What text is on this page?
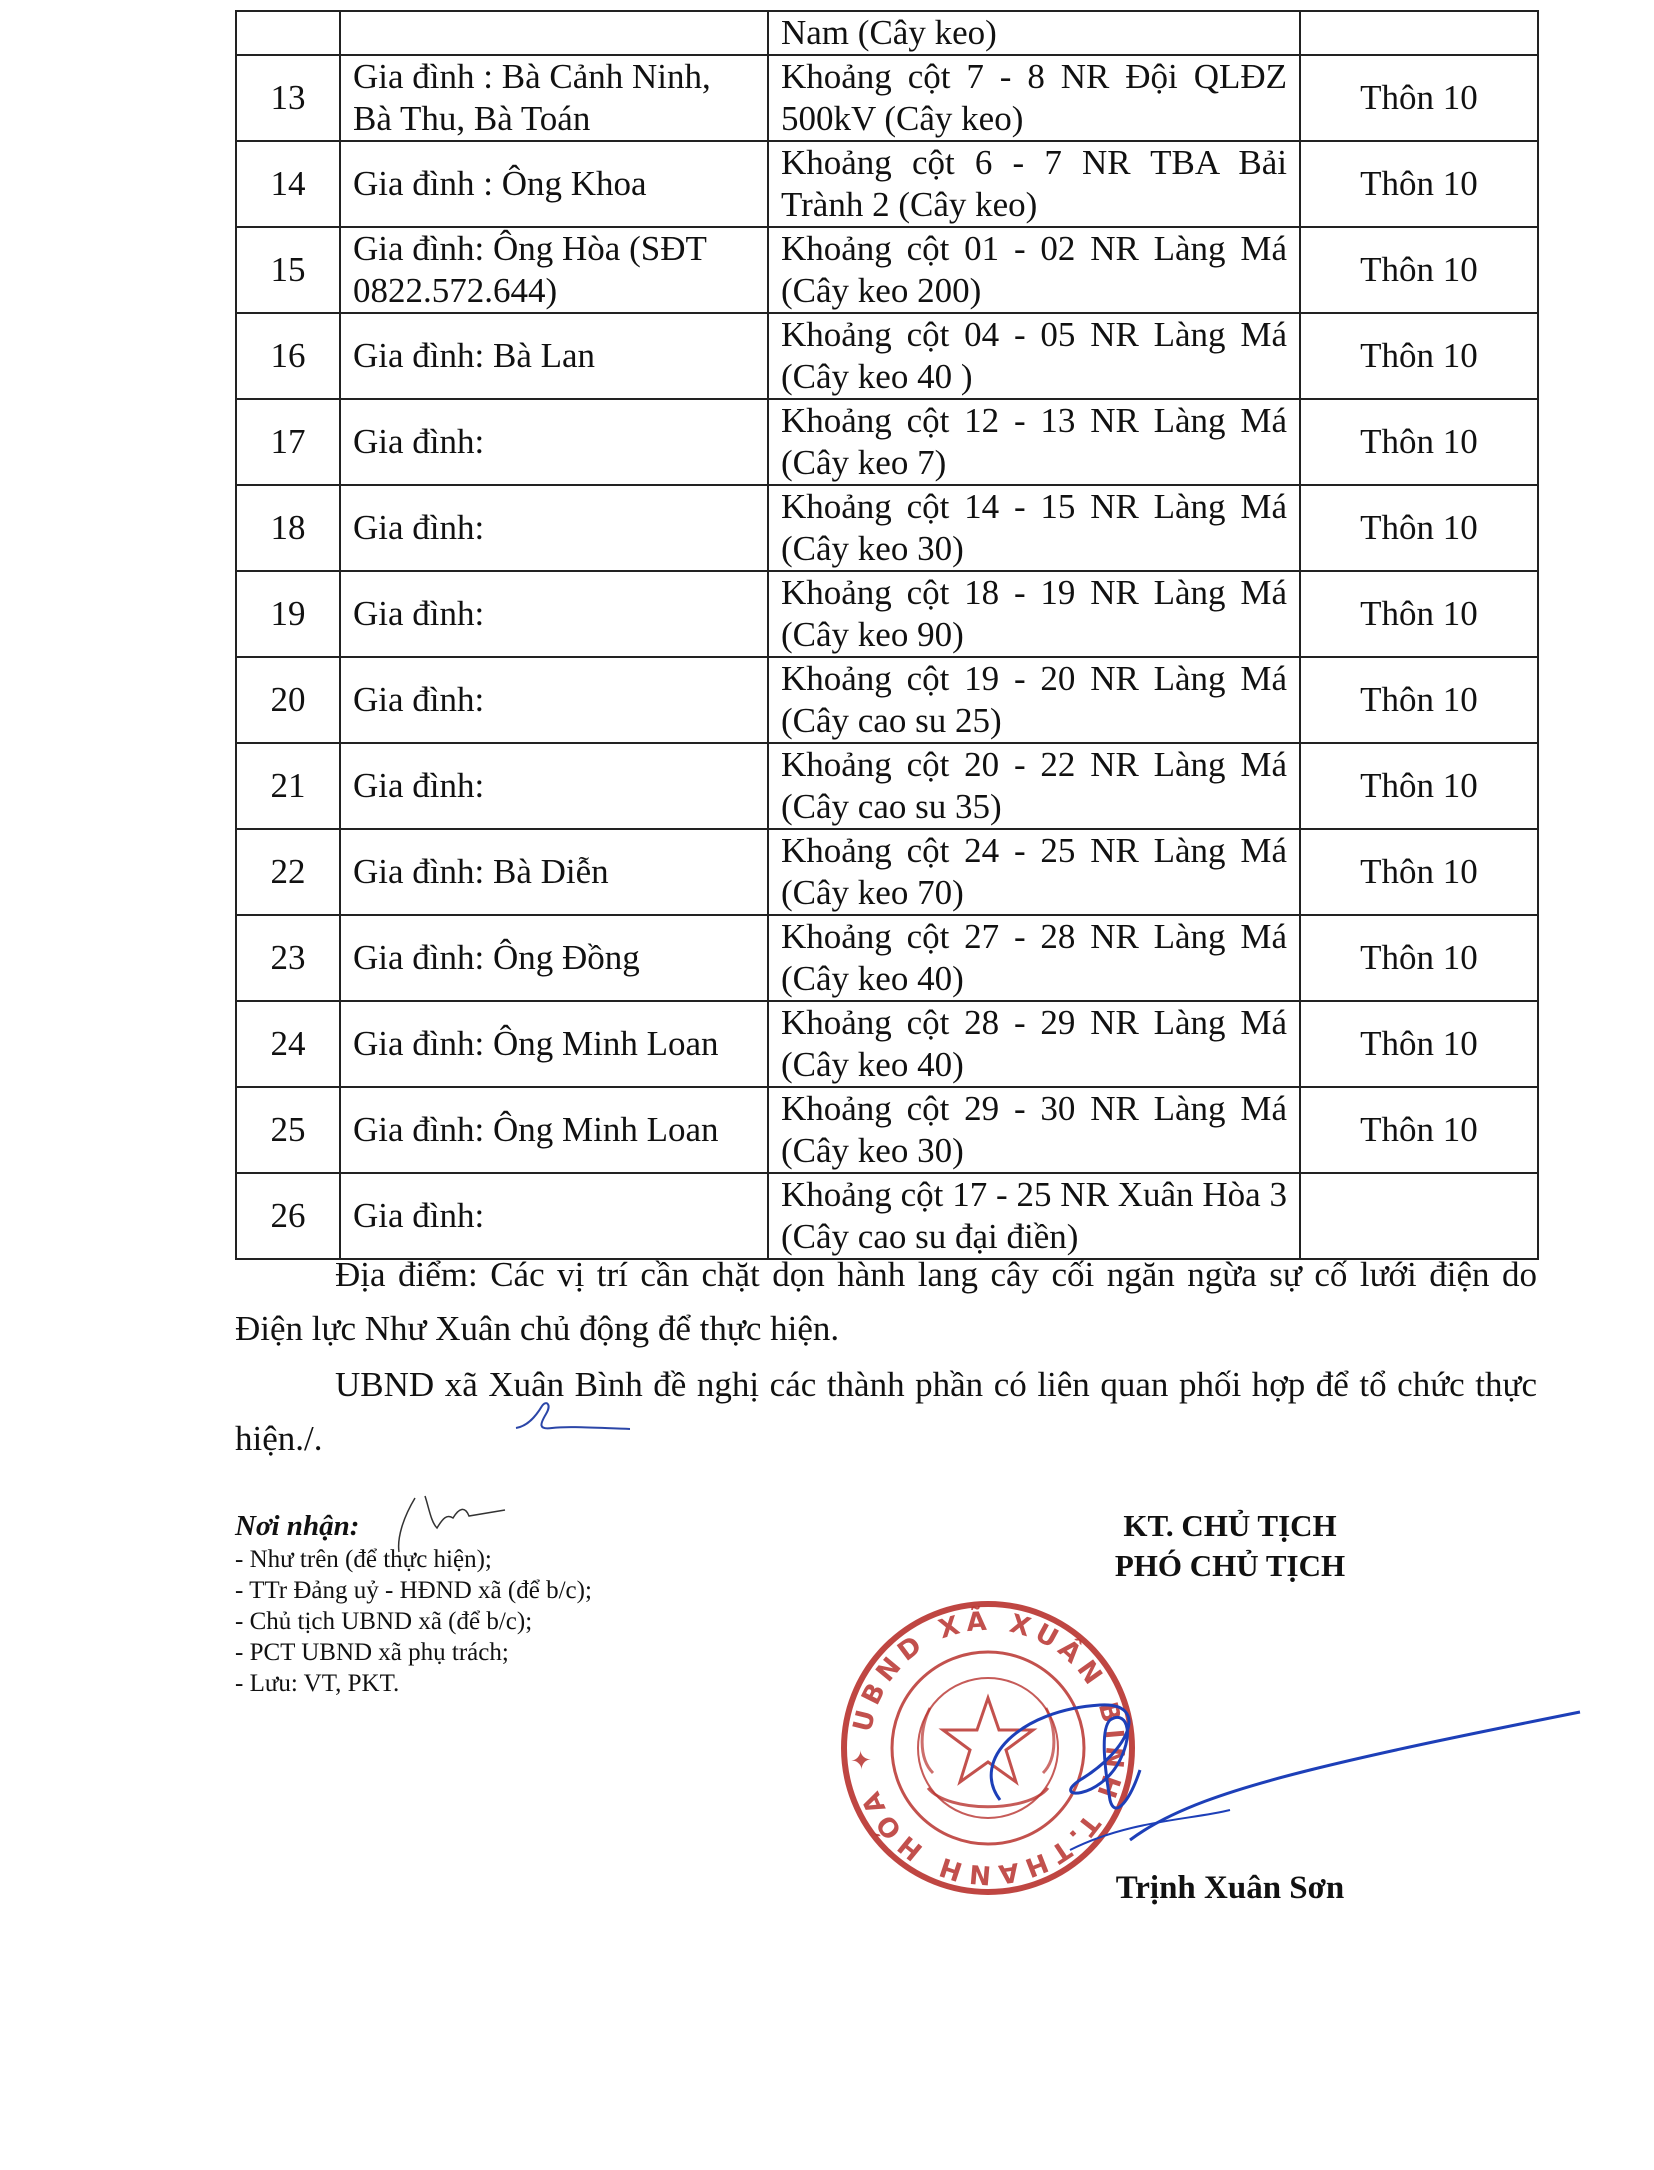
		Nam (Cây keo)	
13	Gia đình : Bà Cảnh Ninh, Bà Thu, Bà Toán	Khoảng cột 7 - 8 NR Đội QLĐZ 500kV (Cây keo)	Thôn 10
14	Gia đình : Ông Khoa	Khoảng cột 6 - 7 NR TBA Bải Trành 2 (Cây keo)	Thôn 10
15	Gia đình: Ông Hòa (SĐT 0822.572.644)	Khoảng cột 01 - 02 NR Làng Má (Cây keo 200)	Thôn 10
16	Gia đình: Bà Lan	Khoảng cột 04 - 05 NR Làng Má (Cây keo 40 )	Thôn 10
17	Gia đình:	Khoảng cột 12 - 13 NR Làng Má (Cây keo 7)	Thôn 10
18	Gia đình:	Khoảng cột 14 - 15 NR Làng Má (Cây keo 30)	Thôn 10
19	Gia đình:	Khoảng cột 18 - 19 NR Làng Má (Cây keo 90)	Thôn 10
20	Gia đình:	Khoảng cột 19 - 20 NR Làng Má (Cây cao su 25)	Thôn 10
21	Gia đình:	Khoảng cột 20 - 22 NR Làng Má (Cây cao su 35)	Thôn 10
22	Gia đình: Bà Diễn	Khoảng cột 24 - 25 NR Làng Má (Cây keo 70)	Thôn 10
23	Gia đình: Ông Đồng	Khoảng cột 27 - 28 NR Làng Má (Cây keo 40)	Thôn 10
24	Gia đình: Ông Minh Loan	Khoảng cột 28 - 29 NR Làng Má (Cây keo 40)	Thôn 10
25	Gia đình: Ông Minh Loan	Khoảng cột 29 - 30 NR Làng Má (Cây keo 30)	Thôn 10
26	Gia đình:	Khoảng cột 17 - 25 NR Xuân Hòa 3 (Cây cao su đại điền)	

Địa điểm: Các vị trí cần chặt dọn hành lang cây cối ngăn ngừa sự cố lưới điện do Điện lực Như Xuân chủ động để thực hiện.

UBND xã Xuân Bình đề nghị các thành phần có liên quan phối hợp để tổ chức thực hiện./.

Nơi nhận:
- Như trên (để thực hiện);
- TTr Đảng uỷ - HĐND xã (để b/c);
- Chủ tịch UBND xã (để b/c);
- PCT UBND xã phụ trách;
- Lưu: VT, PKT.
KT. CHỦ TỊCH
PHÓ CHỦ TỊCH
UBND XÃ XUÂN BÌNH T.THANH HÓA ✦
Trịnh Xuân Sơn
